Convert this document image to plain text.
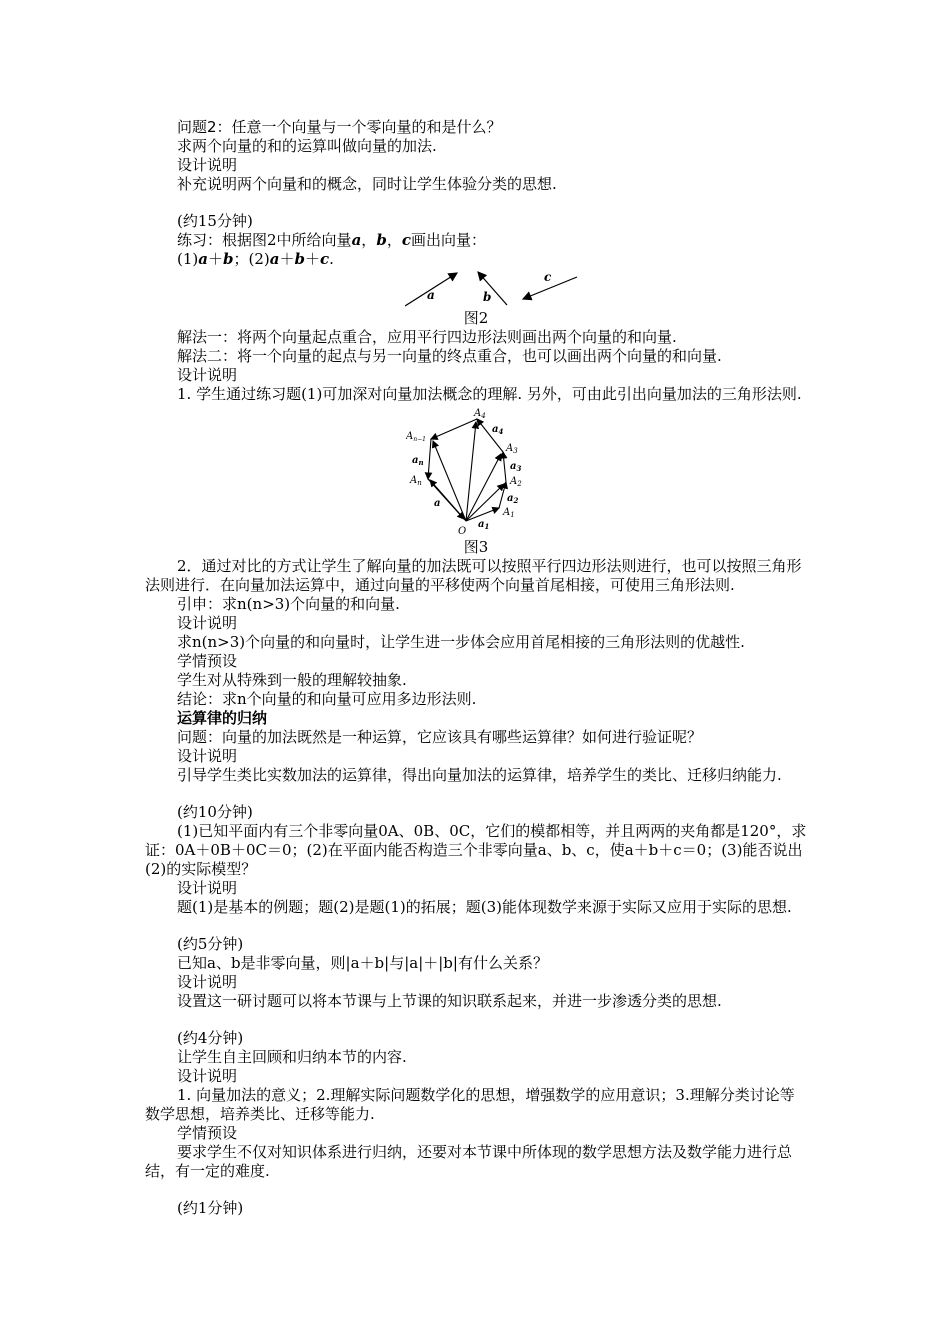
问题2：任意一个向量与一个零向量的和是什么？

求两个向量的和的运算叫做向量的加法.

设计说明

补充说明两个向量和的概念，同时让学生体验分类的思想.

(约15分钟)

练习：根据图2中所给向量a，b，c画出向量：

(1)a＋b；(2)a＋b＋c.

a	b
c

图2

解法一：将两个向量起点重合，应用平行四边形法则画出两个向量的和向量.

解法二：将一个向量的起点与另一向量的终点重合，也可以画出两个向量的和向量.

设计说明

1. 学生通过练习题(1)可加深对向量加法概念的理解. 另外，可由此引出向量加法的三角形法则.

O
$A_1$
$A_2$
$A_3$
$A_4$
$A_{n-1}$
$A_n$
a
$a_1$
$a_2$
$a_3$
$a_4$
$a_n$

图3

2．通过对比的方式让学生了解向量的加法既可以按照平行四边形法则进行，也可以按照三角形法则进行．在向量加法运算中，通过向量的平移使两个向量首尾相接，可使用三角形法则.

引申：求n(n>3)个向量的和向量.

设计说明

求n(n>3)个向量的和向量时，让学生进一步体会应用首尾相接的三角形法则的优越性.

学情预设

学生对从特殊到一般的理解较抽象.

结论：求n个向量的和向量可应用多边形法则.

运算律的归纳

问题：向量的加法既然是一种运算，它应该具有哪些运算律？如何进行验证呢？

设计说明

引导学生类比实数加法的运算律，得出向量加法的运算律，培养学生的类比、迁移归纳能力.

(约10分钟)

(1)已知平面内有三个非零向量0A、0B、0C，它们的模都相等，并且两两的夹角都是120°，求证：0A＋0B＋0C＝0；(2)在平面内能否构造三个非零向量a、b、c，使a＋b＋c＝0；(3)能否说出(2)的实际模型？

设计说明

题(1)是基本的例题；题(2)是题(1)的拓展；题(3)能体现数学来源于实际又应用于实际的思想.

(约5分钟)

已知a、b是非零向量，则|a＋b|与|a|＋|b|有什么关系？

设计说明

设置这一研讨题可以将本节课与上节课的知识联系起来，并进一步渗透分类的思想.

(约4分钟)

让学生自主回顾和归纳本节的内容.

设计说明

1. 向量加法的意义；2.理解实际问题数学化的思想，增强数学的应用意识；3.理解分类讨论等数学思想，培养类比、迁移等能力.

学情预设

要求学生不仅对知识体系进行归纳，还要对本节课中所体现的数学思想方法及数学能力进行总结，有一定的难度.

(约1分钟)
